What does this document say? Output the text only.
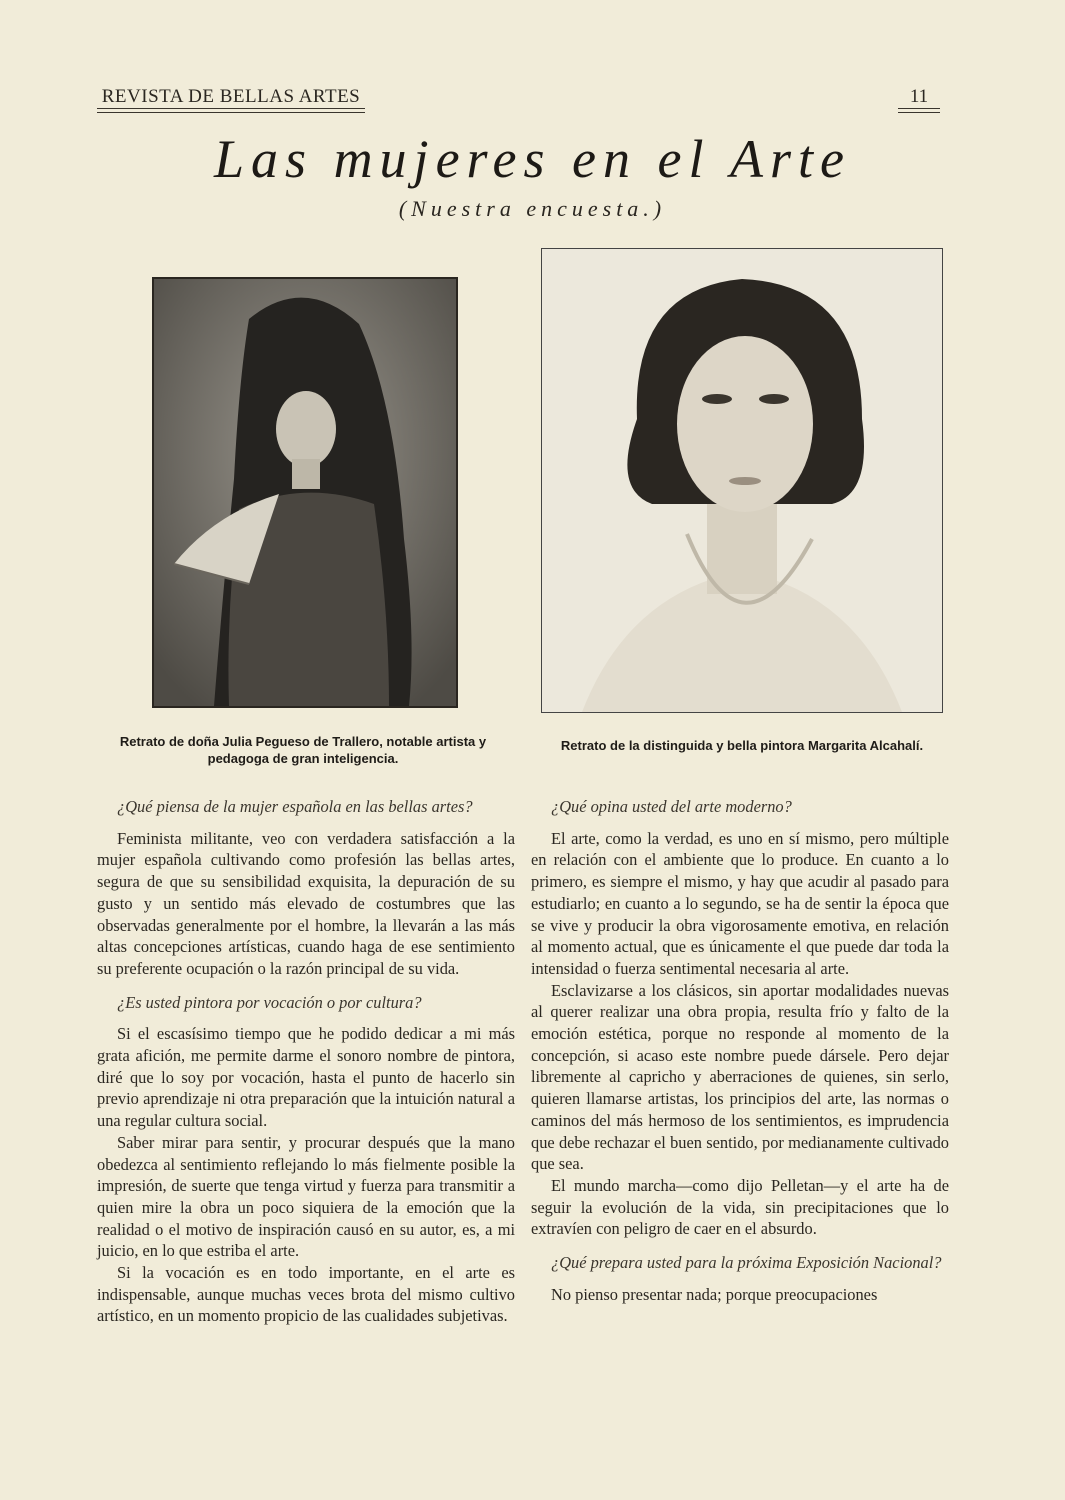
REVISTA DE BELLAS ARTES	11
Las mujeres en el Arte
(Nuestra encuesta.)
Retrato de doña Julia Pegueso de Trallero, notable artista y pedagoga de gran inteligencia.
Retrato de la distinguida y bella pintora Margarita Alcahalí.

¿Qué piensa de la mujer española en las bellas artes?

Feminista militante, veo con verdadera satisfacción a la mujer española cultivando como profesión las bellas artes, segura de que su sensibilidad exquisita, la depuración de su gusto y un sentido más elevado de costumbres que las observadas generalmente por el hombre, la llevarán a las más altas concepciones artísticas, cuando haga de ese sentimiento su preferente ocupación o la razón principal de su vida.

¿Es usted pintora por vocación o por cultura?

Si el escasísimo tiempo que he podido dedicar a mi más grata afición, me permite darme el sonoro nombre de pintora, diré que lo soy por vocación, hasta el punto de hacerlo sin previo aprendizaje ni otra preparación que la intuición natural a una regular cultura social.

Saber mirar para sentir, y procurar después que la mano obedezca al sentimiento reflejando lo más fielmente posible la impresión, de suerte que tenga virtud y fuerza para transmitir a quien mire la obra un poco siquiera de la emoción que la realidad o el motivo de inspiración causó en su autor, es, a mi juicio, en lo que estriba el arte.

Si la vocación es en todo importante, en el arte es indispensable, aunque muchas veces brota del mismo cultivo artístico, en un momento propicio de las cualidades subjetivas.

¿Qué opina usted del arte moderno?

El arte, como la verdad, es uno en sí mismo, pero múltiple en relación con el ambiente que lo produce. En cuanto a lo primero, es siempre el mismo, y hay que acudir al pasado para estudiarlo; en cuanto a lo segundo, se ha de sentir la época que se vive y producir la obra vigorosamente emotiva, en relación al momento actual, que es únicamente el que puede dar toda la intensidad o fuerza sentimental necesaria al arte.

Esclavizarse a los clásicos, sin aportar modalidades nuevas al querer realizar una obra propia, resulta frío y falto de la emoción estética, porque no responde al momento de la concepción, si acaso este nombre puede dársele. Pero dejar libremente al capricho y aberraciones de quienes, sin serlo, quieren llamarse artistas, los principios del arte, las normas o caminos del más hermoso de los sentimientos, es imprudencia que debe rechazar el buen sentido, por medianamente cultivado que sea.

El mundo marcha—como dijo Pelletan—y el arte ha de seguir la evolución de la vida, sin precipitaciones que lo extravíen con peligro de caer en el absurdo.

¿Qué prepara usted para la próxima Exposición Nacional?

No pienso presentar nada; porque preocupaciones
